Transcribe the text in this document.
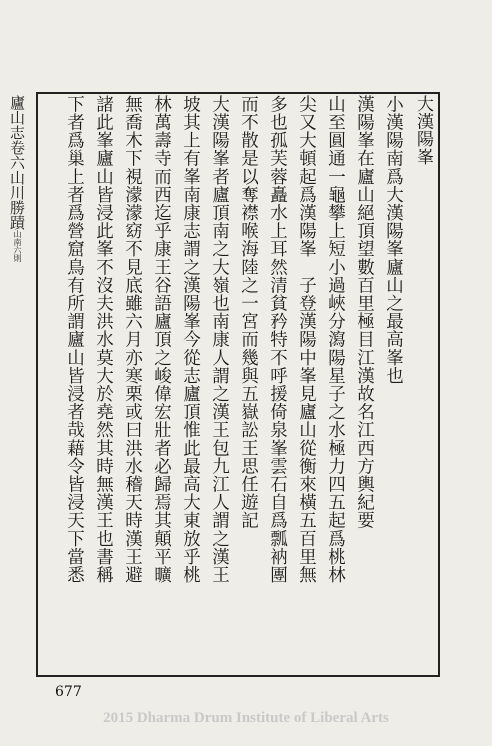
廬山志卷六山川勝蹟山南六則
大漢陽峯
小漢陽南爲大漢陽峯廬山之最高峯也
漢陽峯在廬山絕頂望數百里極目江漢故名江西方輿紀要
山至圓通一龜攀上短小過峽分瀉陽星子之水極力四五起爲桃林
尖又大頓起爲漢陽峯　子登漢陽中峯見廬山從衡來橫五百里無
多也孤芙蓉矗水上耳然清貧矜特不呼援倚泉峯雲石自爲瓢衲團
而不散是以奪襟喉海陸之一宮而幾與五嶽訟王思任遊記
大漢陽峯者廬頂南之大嶺也南康人謂之漢王包九江人謂之漢王
坡其上有峯南康志謂之漢陽峯今從志廬頂惟此最高大東放乎桃
林萬壽寺而西迄乎康王谷語廬頂之峻偉宏壯者必歸焉其顛平曠
無喬木下視濛濛窈不見底雖六月亦寒栗或曰洪水稽天時漢王避
諸此峯廬山皆浸此峯不沒夫洪水莫大於堯然其時無漢王也書稱
下者爲巢上者爲營窟鳥有所謂廬山皆浸者哉藉令皆浸天下當悉
677
2015 Dharma Drum Institute of Liberal Arts
